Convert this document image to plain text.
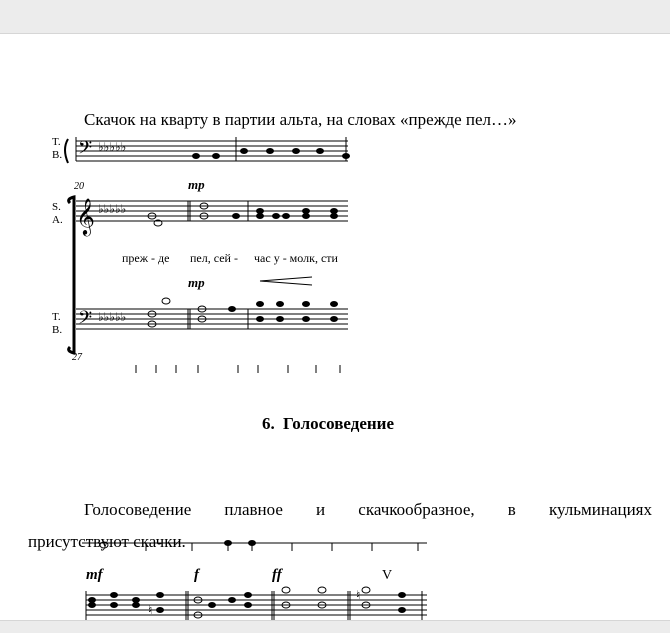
Скачок на кварту в партии альта, на словах «прежде пел…»

T.
B. 𝄢 ♭♭♭♭♭
20	mp
S.
A. 𝄞 ♭♭♭♭♭
преж - де пел, сей - час у - молк, сти
mp
T.
B. 𝄢 ♭♭♭♭♭
27
6. Голосоведение

Голосоведение плавное и скачкообразное, в кульминациях

присутствуют скачки.

mf	f	ff	V
♮
♮
